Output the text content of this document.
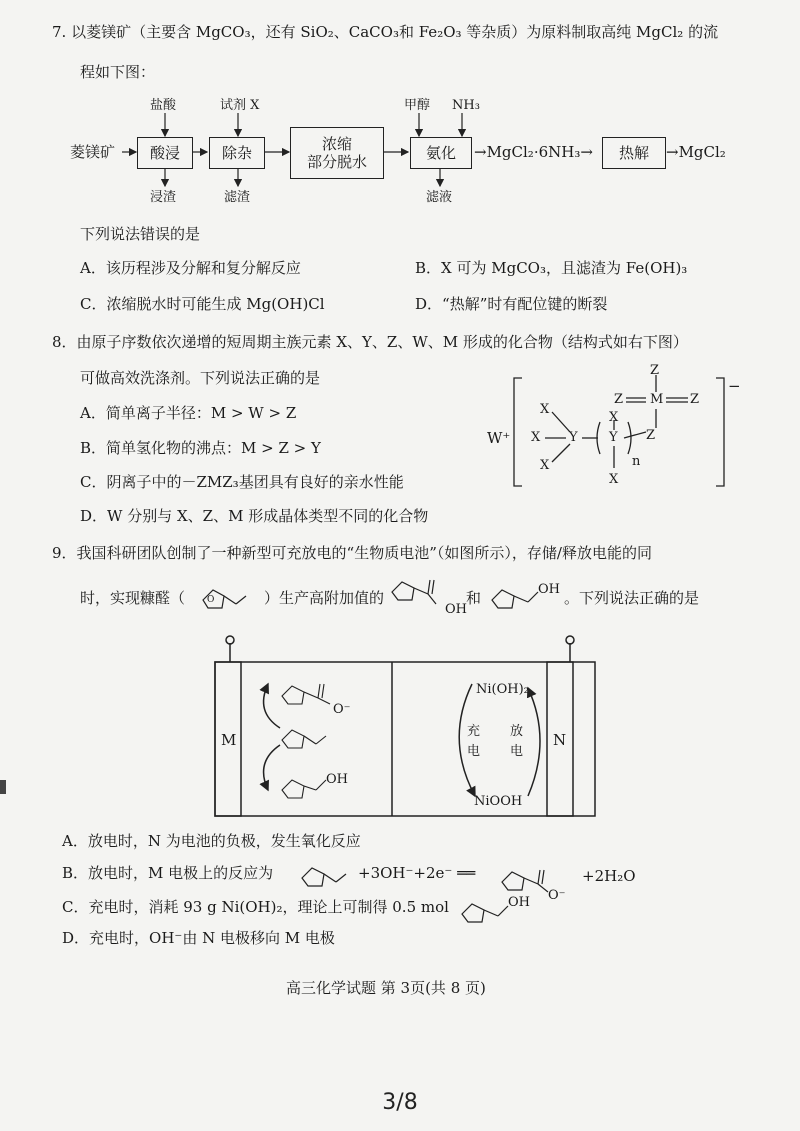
7. 以菱镁矿（主要含 MgCO₃，还有 SiO₂、CaCO₃和 Fe₂O₃ 等杂质）为原料制取高纯 MgCl₂ 的流
程如下图：
菱镁矿
盐酸	试剂 X	甲醇 NH₃
酸浸	除杂	浓缩
部分脱水	氨化	→MgCl₂·6NH₃→	热解	→MgCl₂
浸渣	滤渣	滤液
下列说法错误的是
A．该历程涉及分解和复分解反应	B．X 可为 MgCO₃，且滤渣为 Fe(OH)₃
C．浓缩脱水时可能生成 Mg(OH)Cl	D．“热解”时有配位键的断裂
8．由原子序数依次递增的短周期主族元素 X、Y、Z、W、M 形成的化合物（结构式如右下图）
可做高效洗涤剂。下列说法正确的是
A．简单离子半径：M > W > Z
B．简单氢化物的沸点：M > Z > Y
C．阴离子中的－ZMZ₃基团具有良好的亲水性能
D．W 分别与 X、Z、M 形成晶体类型不同的化合物
W⁺
X
X
X
Y Y
X
X
n
Z
Z M Z
Z
−
9．我国科研团队创制了一种新型可充放电的“生物质电池”（如图所示），存储/释放电能的同
时，实现糠醛（	）生产高附加值的	和	。下列说法正确的是
O
OH
OH
M	N
O⁻
OH
Ni(OH)₂
NiOOH
充
电
放
电
A．放电时，N 为电池的负极，发生氧化反应
B．放电时，M 电极上的反应为	+3OH⁻+2e⁻ ══
O⁻
+2H₂O
C．充电时，消耗 93 g Ni(OH)₂，理论上可制得 0.5 mol	OH
D．充电时，OH⁻由 N 电极移向 M 电极
高三化学试题 第 3页(共 8 页)
3/8
